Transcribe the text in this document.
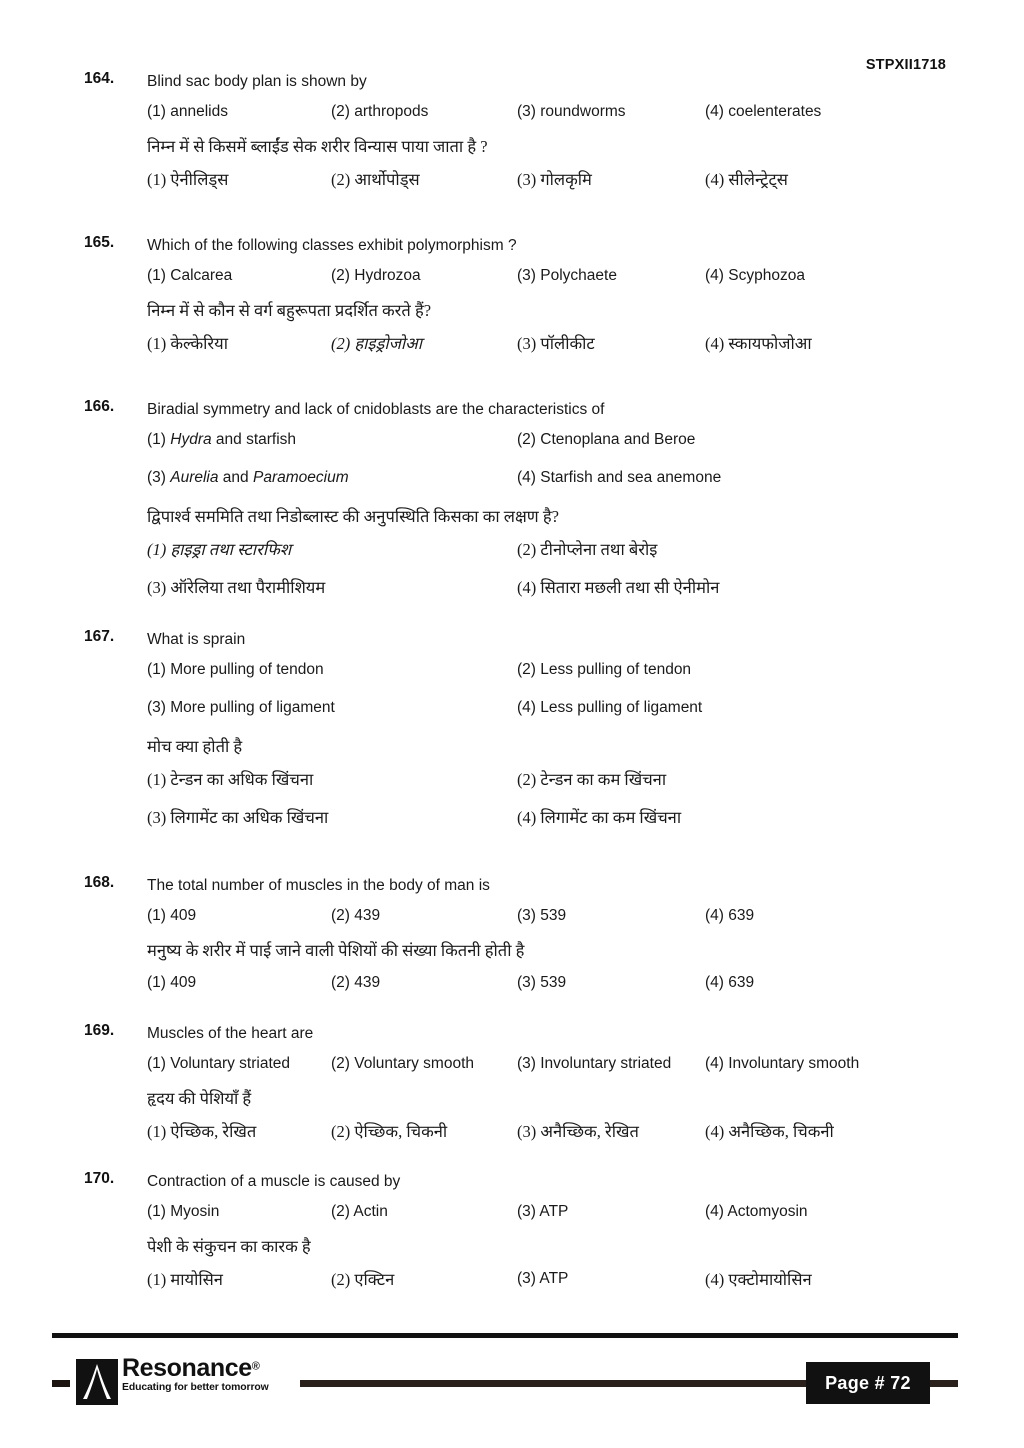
STPXII1718
164.	Blind sac body plan is shown by
(1) annelids	(2) arthropods	(3) roundworms	(4) coelenterates
निम्न में से किसमें ब्लाईंड सेक शरीर विन्यास पाया जाता है ?
(1) ऐनीलिड्स	(2) आर्थोपोड्स	(3) गोलकृमि	(4) सीलेन्ट्रेट्स
165.	Which of the following classes exhibit polymorphism ?
(1) Calcarea	(2) Hydrozoa	(3) Polychaete	(4) Scyphozoa
निम्न में से कौन से वर्ग बहुरूपता प्रदर्शित करते हैं?
(1) केल्केरिया	(2) हाइड्रोजोआ	(3) पॉलीकीट	(4) स्कायफोजोआ
166.	Biradial symmetry and lack of cnidoblasts are the characteristics of
(1) Hydra and starfish	(2) Ctenoplana and Beroe
(3) Aurelia and Paramoecium	(4) Starfish and sea anemone
द्विपार्श्व सममिति तथा निडोब्लास्ट की अनुपस्थिति किसका का लक्षण है?
(1) हाइड्रा तथा स्टारफिश	(2) टीनोप्लेना तथा बेरोइ
(3) ऑरेलिया तथा पैरामीशियम	(4) सितारा मछली तथा सी ऐनीमोन
167.	What is sprain
(1) More pulling of tendon	(2) Less pulling of tendon
(3) More pulling of ligament	(4) Less pulling of ligament
मोच क्या होती है
(1) टेन्डन का अधिक खिंचना	(2) टेन्डन का कम खिंचना
(3) लिगामेंट का अधिक खिंचना	(4) लिगामेंट का कम खिंचना
168.	The total number of muscles in the body of man is
(1) 409	(2) 439	(3) 539	(4) 639
मनुष्य के शरीर में पाई जाने वाली पेशियों की संख्या कितनी होती है
(1) 409	(2) 439	(3) 539	(4) 639
169.	Muscles of the heart are
(1) Voluntary striated	(2) Voluntary smooth	(3) Involuntary striated (4) Involuntary smooth
हृदय की पेशियाँ हैं
(1) ऐच्छिक, रेखित	(2) ऐच्छिक, चिकनी	(3) अनैच्छिक, रेखित	(4) अनैच्छिक, चिकनी
170.	Contraction of a muscle is caused by
(1) Myosin	(2) Actin	(3) ATP	(4) Actomyosin
पेशी के संकुचन का कारक है
(1) मायोसिन	(2) एक्टिन	(3) ATP	(4) एक्टोमायोसिन
Resonance®
Educating for better tomorrow	Page # 72
